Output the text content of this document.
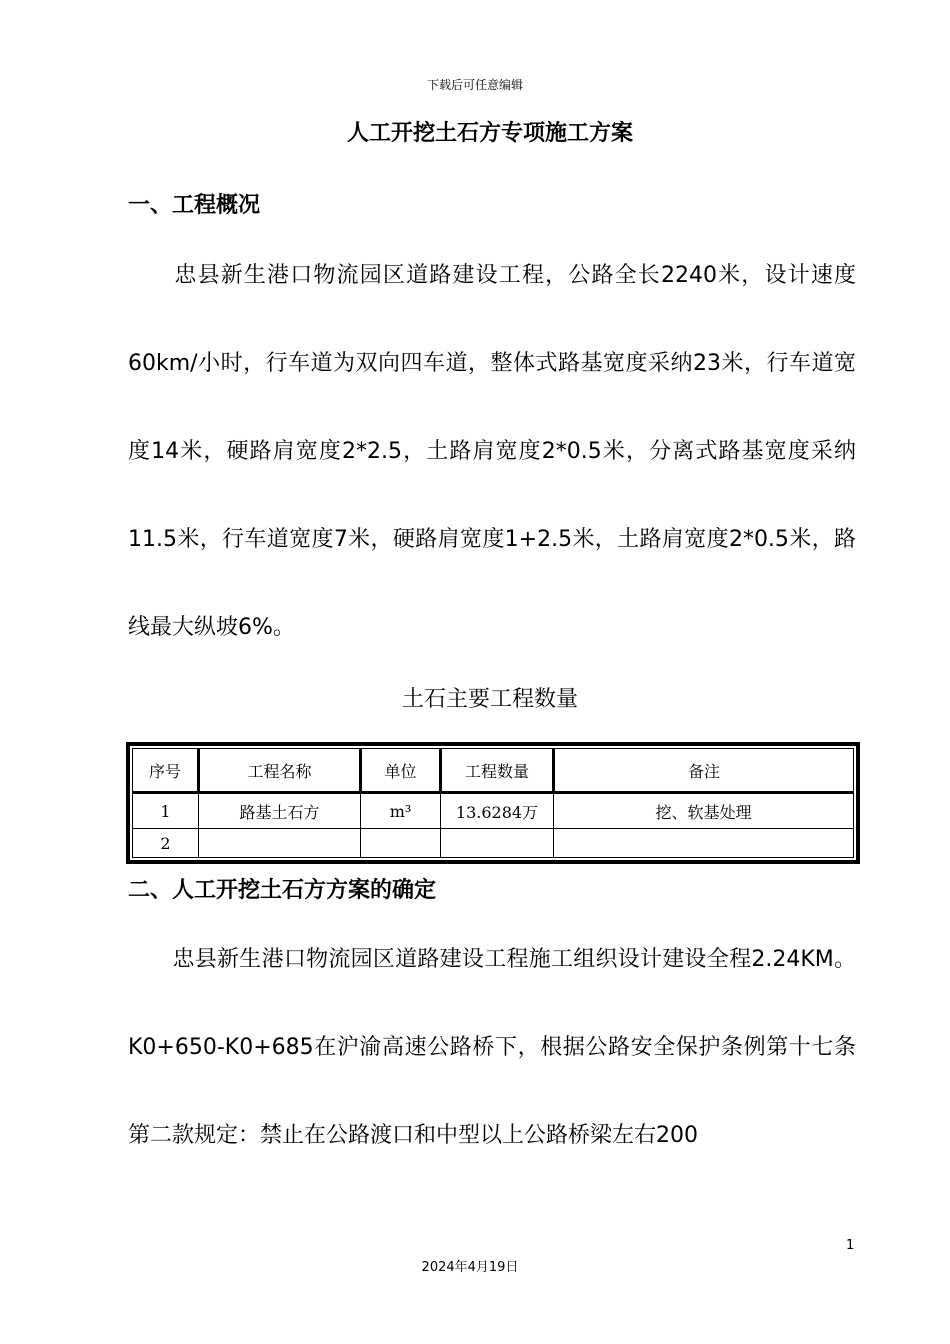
下载后可任意编辑
人工开挖土石方专项施工方案
一、工程概况

　　忠县新生港口物流园区道路建设工程，公路全长2240米，设计速度60km/小时，行车道为双向四车道，整体式路基宽度采纳23米，行车道宽度14米，硬路肩宽度2*2.5，土路肩宽度2*0.5米，分离式路基宽度采纳11.5米，行车道宽度7米，硬路肩宽度1+2.5米，土路肩宽度2*0.5米，路线最大纵坡6%。

土石主要工程数量
序号	工程名称	单位	工程数量	备注
1	路基土石方	m³	13.6284万	挖、软基处理
2				
二、人工开挖土石方方案的确定

　　忠县新生港口物流园区道路建设工程施工组织设计建设全程2.24KM。K0+650-K0+685在沪渝高速公路桥下，根据公路安全保护条例第十七条第二款规定：禁止在公路渡口和中型以上公路桥梁左右200

1
2024年4月19日
